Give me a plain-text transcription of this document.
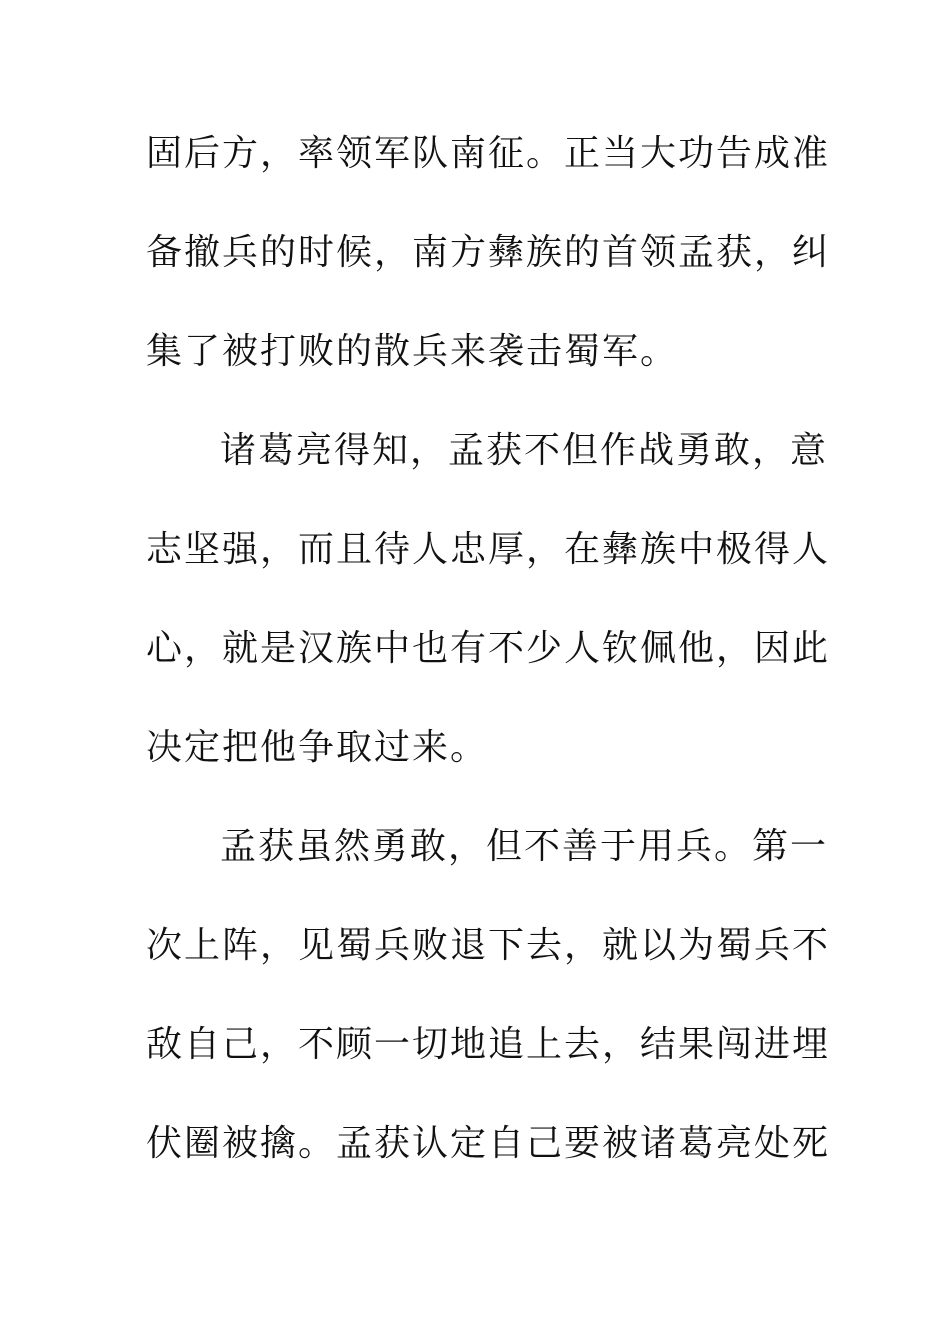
固后方，率领军队南征。正当大功告成准
备撤兵的时候，南方彝族的首领孟获，纠
集了被打败的散兵来袭击蜀军。
诸葛亮得知，孟获不但作战勇敢，意
志坚强，而且待人忠厚，在彝族中极得人
心，就是汉族中也有不少人钦佩他，因此
决定把他争取过来。
孟获虽然勇敢，但不善于用兵。第一
次上阵，见蜀兵败退下去，就以为蜀兵不
敌自己，不顾一切地追上去，结果闯进埋
伏圈被擒。孟获认定自己要被诸葛亮处死
